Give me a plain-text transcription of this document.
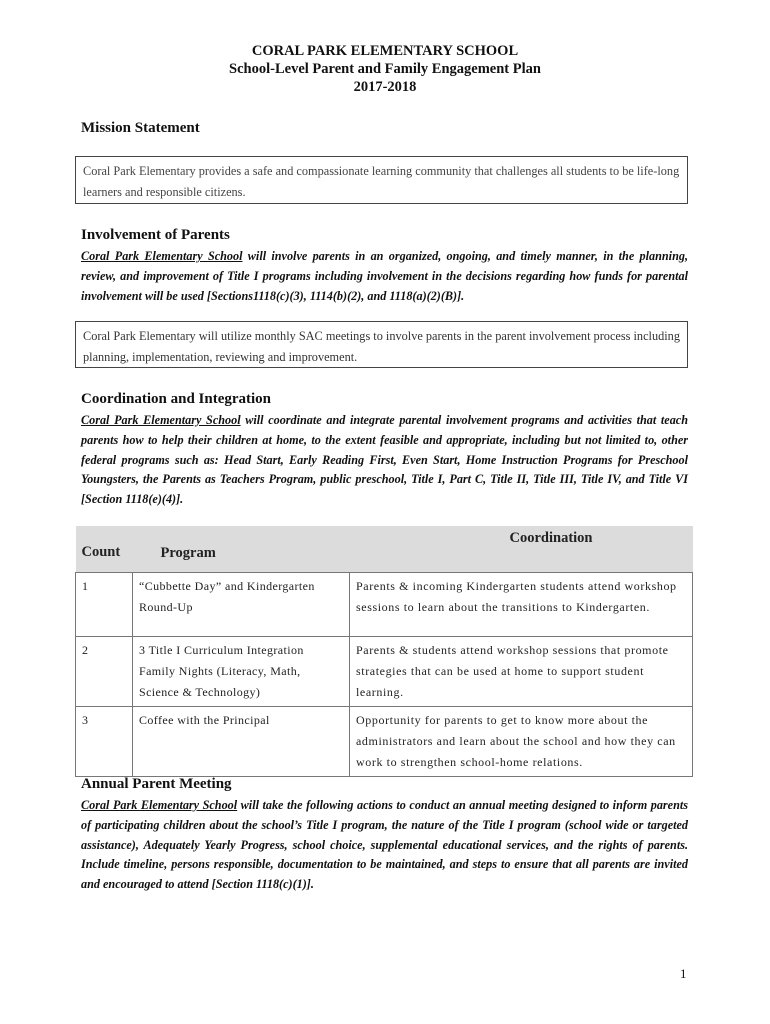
CORAL PARK ELEMENTARY SCHOOL
School-Level Parent and Family Engagement Plan
2017-2018
Mission Statement
Coral Park Elementary provides a safe and compassionate learning community that challenges all students to be life-long learners and responsible citizens.
Involvement of Parents
Coral Park Elementary School will involve parents in an organized, ongoing, and timely manner, in the planning, review, and improvement of Title I programs including involvement in the decisions regarding how funds for parental involvement will be used [Sections1118(c)(3), 1114(b)(2), and 1118(a)(2)(B)].
Coral Park Elementary will utilize monthly SAC meetings to involve parents in the parent involvement process including planning, implementation, reviewing and improvement.
Coordination and Integration
Coral Park Elementary School will coordinate and integrate parental involvement programs and activities that teach parents how to help their children at home, to the extent feasible and appropriate, including but not limited to, other federal programs such as: Head Start, Early Reading First, Even Start, Home Instruction Programs for Preschool Youngsters, the Parents as Teachers Program, public preschool, Title I, Part C, Title II, Title III, Title IV, and Title VI [Section 1118(e)(4)].
Count	Program	Coordination
1	“Cubbette Day” and Kindergarten Round-Up	Parents & incoming Kindergarten students attend workshop sessions to learn about the transitions to Kindergarten.
2	3 Title I Curriculum Integration Family Nights (Literacy, Math, Science & Technology)	Parents & students attend workshop sessions that promote strategies that can be used at home to support student learning.
3	Coffee with the Principal	Opportunity for parents to get to know more about the administrators and learn about the school and how they can work to strengthen school-home relations.
Annual Parent Meeting
Coral Park Elementary School will take the following actions to conduct an annual meeting designed to inform parents of participating children about the school’s Title I program, the nature of the Title I program (school wide or targeted assistance), Adequately Yearly Progress, school choice, supplemental educational services, and the rights of parents. Include timeline, persons responsible, documentation to be maintained, and steps to ensure that all parents are invited and encouraged to attend [Section 1118(c)(1)].
1
